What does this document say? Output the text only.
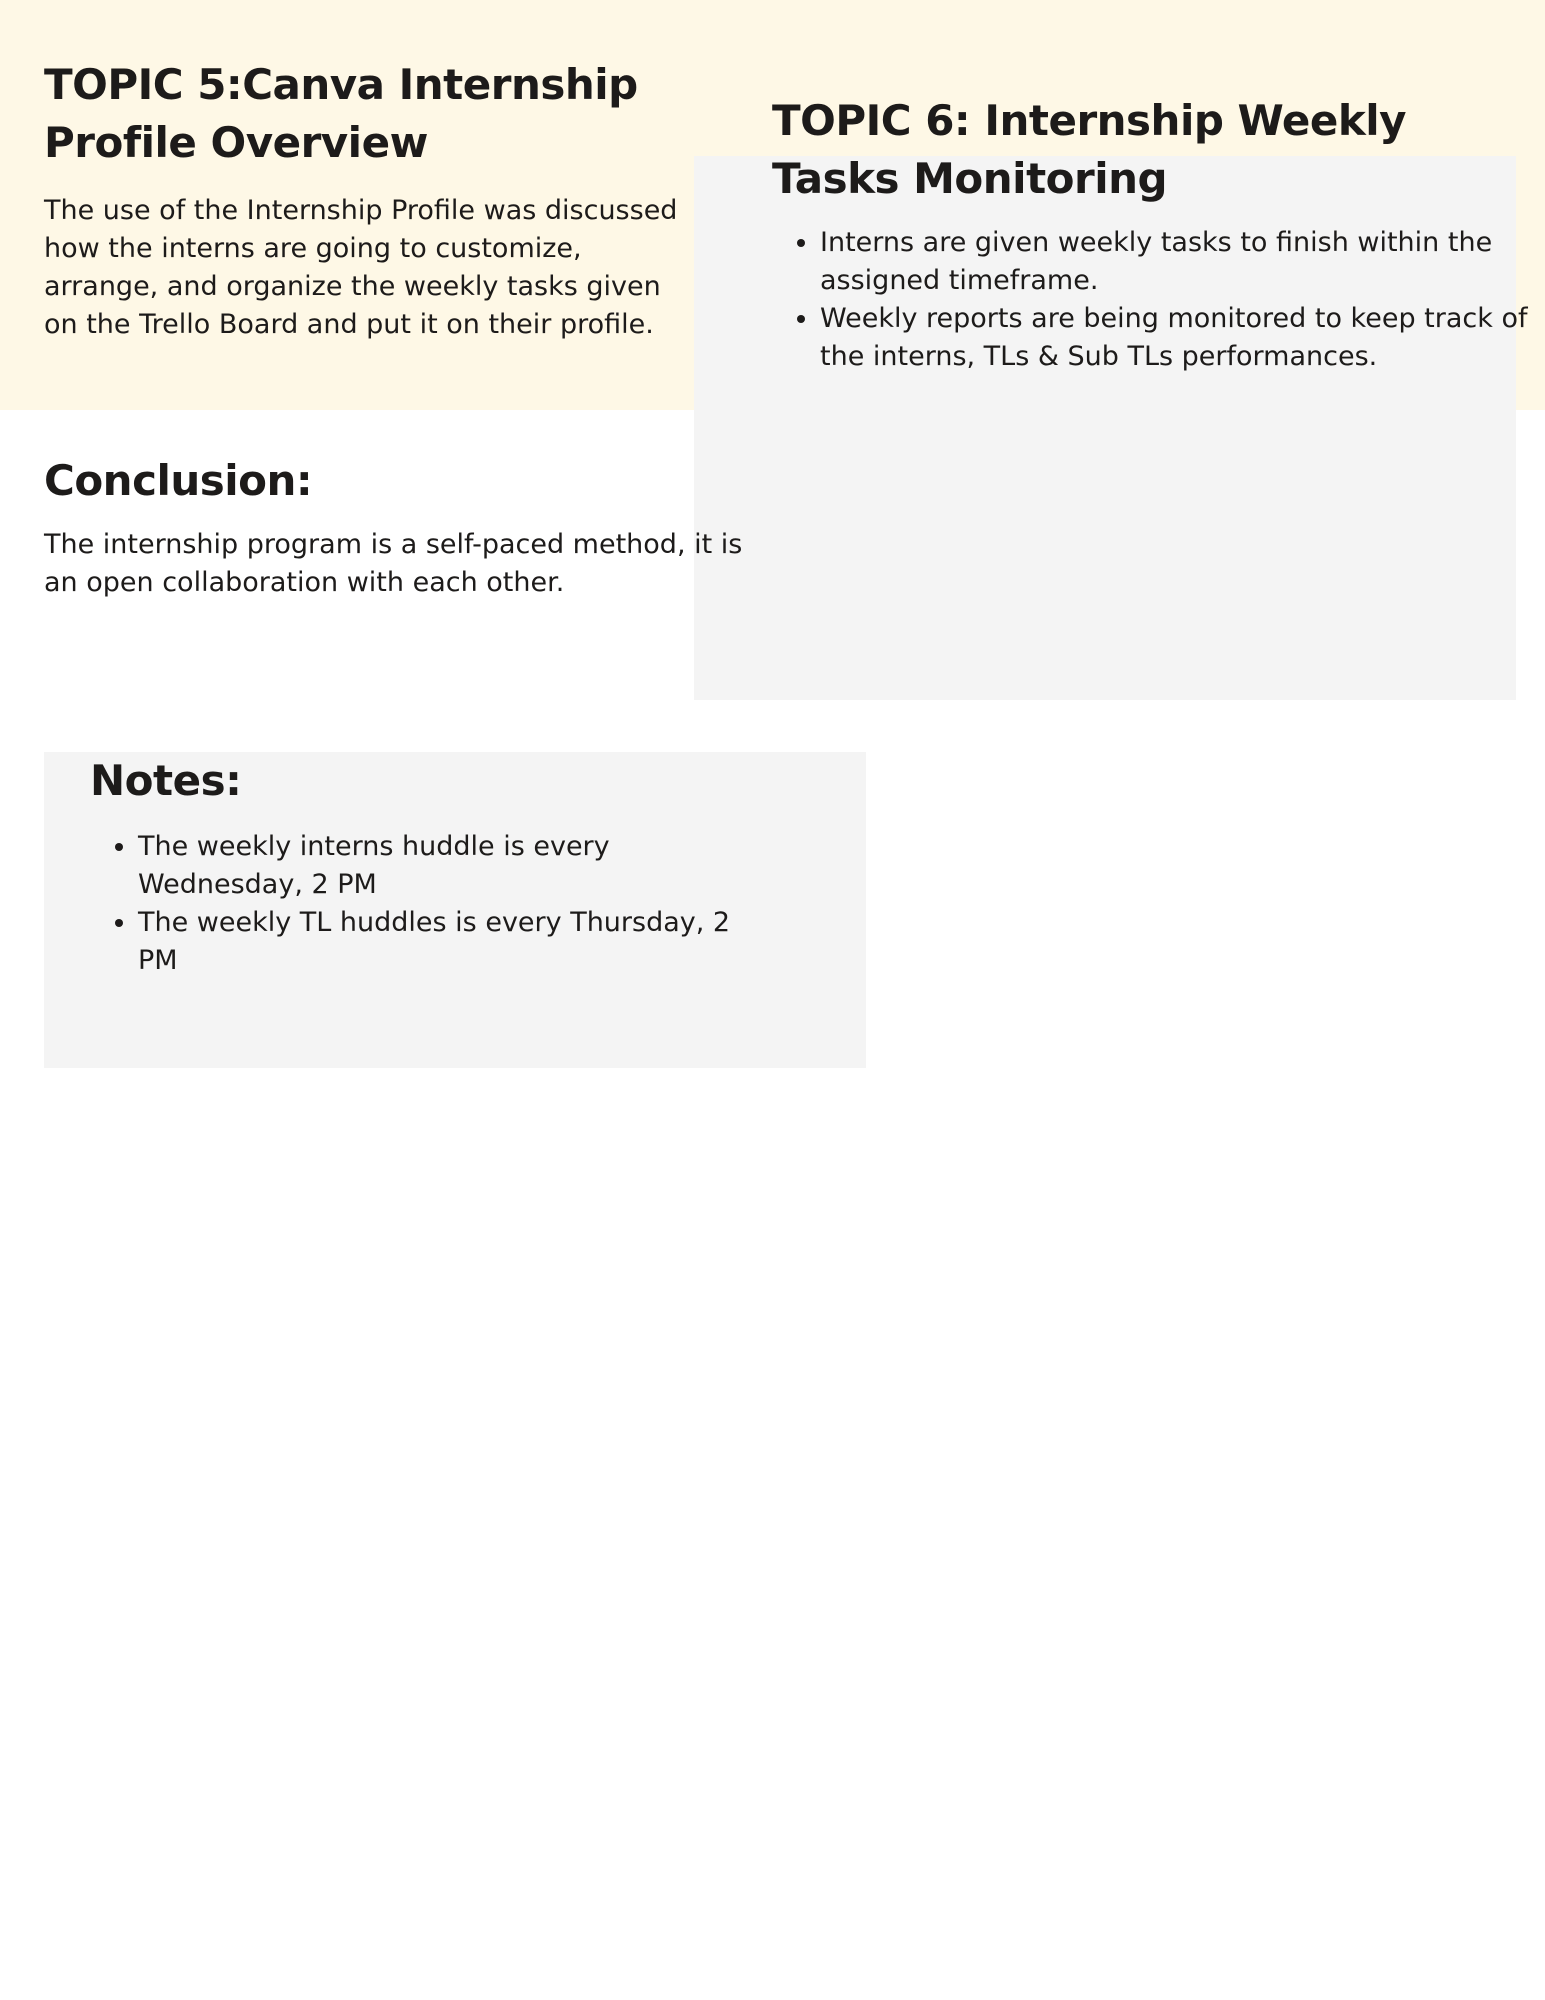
TOPIC 5:Canva Internship Profile Overview

The use of the Internship Profile was discussed how the interns are going to customize, arrange, and organize the weekly tasks given on the Trello Board and put it on their profile.

TOPIC 6: Internship Weekly Tasks Monitoring
• Interns are given weekly tasks to finish within the assigned timeframe.
• Weekly reports are being monitored to keep track of the interns, TLs & Sub TLs performances.
Conclusion:

The internship program is a self-paced method, it is an open collaboration with each other.

Notes:
• The weekly interns huddle is every Wednesday, 2 PM
• The weekly TL huddles is every Thursday, 2 PM
